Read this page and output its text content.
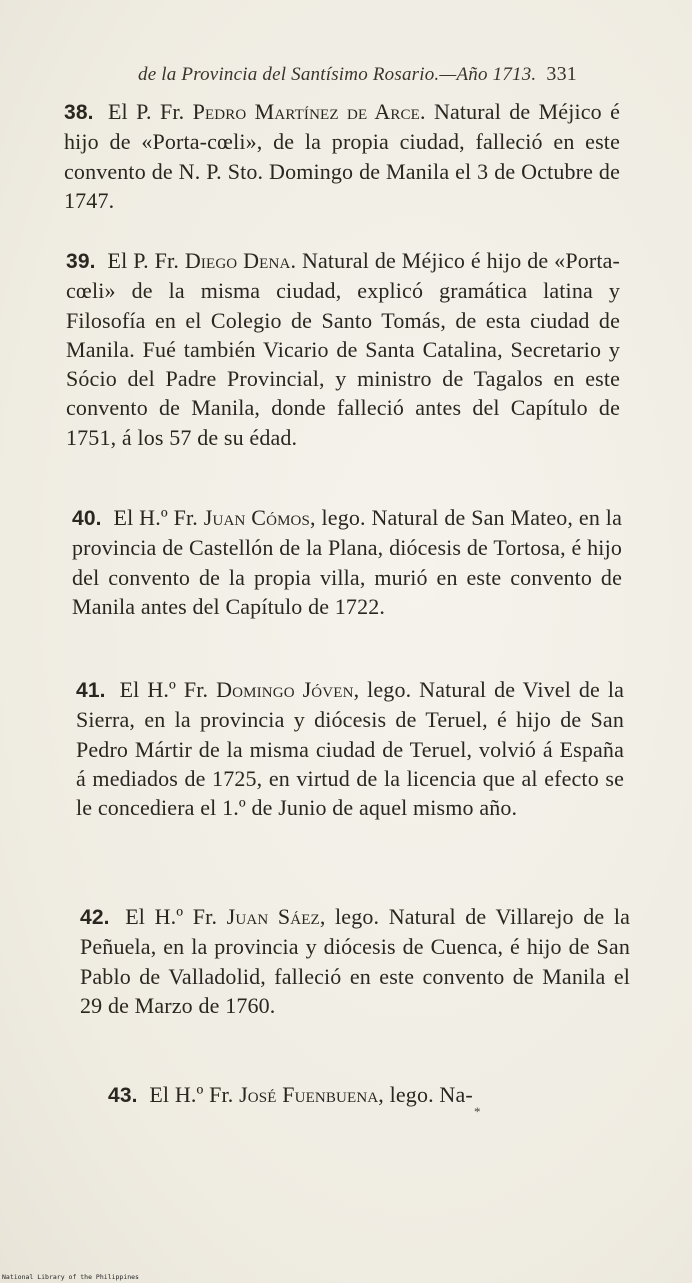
de la Provincia del Santísimo Rosario.—Año 1713. 331
38. El P. Fr. Pedro Martínez de Arce. Natural de Méjico é hijo de «Porta-cœli», de la propia ciudad, falleció en este convento de N. P. Sto. Domingo de Manila el 3 de Octubre de 1747.
39. El P. Fr. Diego Dena. Natural de Méjico é hijo de «Porta-cœli» de la misma ciudad, explicó gramática latina y Filosofía en el Colegio de Santo Tomás, de esta ciudad de Manila. Fué también Vicario de Santa Catalina, Secretario y Sócio del Padre Provincial, y ministro de Tagalos en este convento de Manila, donde falleció antes del Capítulo de 1751, á los 57 de su édad.
40. El H.º Fr. Juan Cómos, lego. Natural de San Mateo, en la provincia de Castellón de la Plana, diócesis de Tortosa, é hijo del convento de la propia villa, murió en este convento de Manila antes del Capítulo de 1722.
41. El H.º Fr. Domingo Jóven, lego. Natural de Vivel de la Sierra, en la provincia y diócesis de Teruel, é hijo de San Pedro Mártir de la misma ciudad de Teruel, volvió á España á mediados de 1725, en virtud de la licencia que al efecto se le concediera el 1.º de Junio de aquel mismo año.
42. El H.º Fr. Juan Sáez, lego. Natural de Villarejo de la Peñuela, en la provincia y diócesis de Cuenca, é hijo de San Pablo de Valladolid, falleció en este convento de Manila el 29 de Marzo de 1760.
43. El H.º Fr. José Fuenbuena, lego. Na-
*
National Library of the Philippines
